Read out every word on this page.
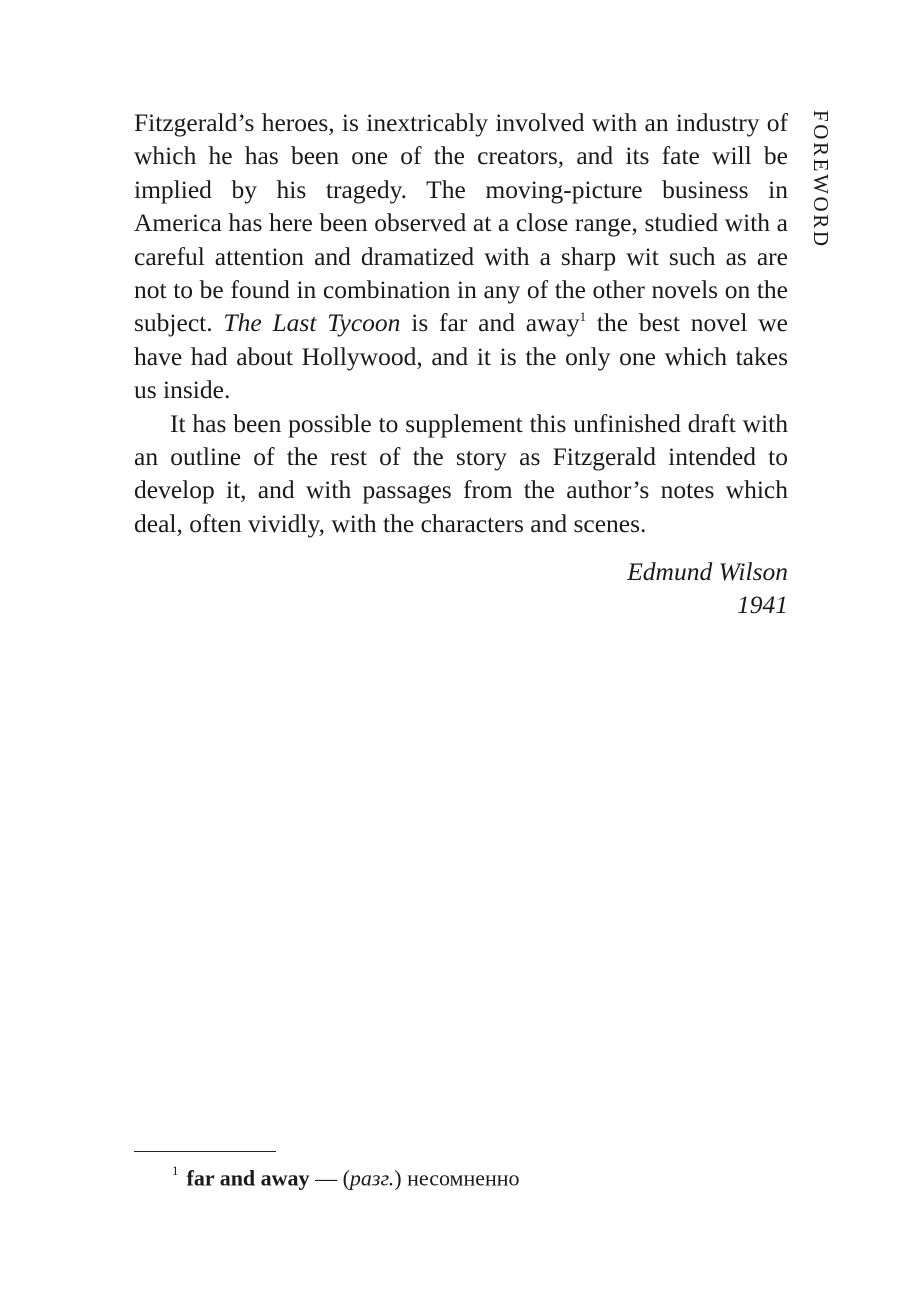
FOREWORD

Fitzgerald’s heroes, is inextricably involved with an industry of which he has been one of the creators, and its fate will be implied by his tragedy. The moving-picture business in America has here been observed at a close range, studied with a careful attention and dramatized with a sharp wit such as are not to be found in combination in any of the other novels on the subject. The Last Tycoon is far and away$^1$ the best novel we have had about Hollywood, and it is the only one which takes us inside.

It has been possible to supplement this unfinished draft with an outline of the rest of the story as Fitzgerald intended to develop it, and with passages from the author’s notes which deal, often vividly, with the characters and scenes.

Edmund Wilson
1941
$^1$ far and away — (разг.) несомненно
